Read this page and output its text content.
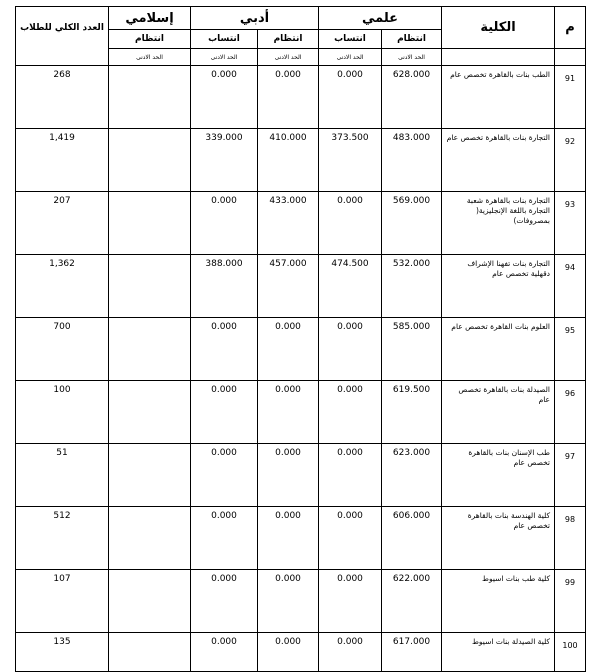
العدد الكلي للطلاب	إسلامي	أدبي		علمي		الكلية	م
	انتظام	انتساب	انتظام	انتساب	انتظام		
	الحد الادنى	الحد الادنى	الحد الادنى	الحد الادنى	الحد الادنى		
268		0.000	0.000	0.000	628.000	الطب بنات بالقاهرة تخصص عام	91
1,419		339.000	410.000	373.500	483.000	التجارة بنات بالقاهرة تخصص عام	92
207		0.000	433.000	0.000	569.000	التجارة بنات بالقاهرة شعبة التجارة باللغة الإنجليزية( بمصروفات)	93
1,362		388.000	457.000	474.500	532.000	التجارة بنات تفهنا الإشراف دقهلية تخصص عام	94
700		0.000	0.000	0.000	585.000	العلوم بنات القاهرة تخصص عام	95
100		0.000	0.000	0.000	619.500	الصيدلة بنات بالقاهرة تخصص عام	96
51		0.000	0.000	0.000	623.000	طب الإسنان بنات بالقاهرة تخصص عام	97
512		0.000	0.000	0.000	606.000	كلية الهندسة بنات بالقاهرة تخصص عام	98
107		0.000	0.000	0.000	622.000	كلية طب بنات اسيوط	99
135		0.000	0.000	0.000	617.000	كلية الصيدلة بنات اسيوط	100
